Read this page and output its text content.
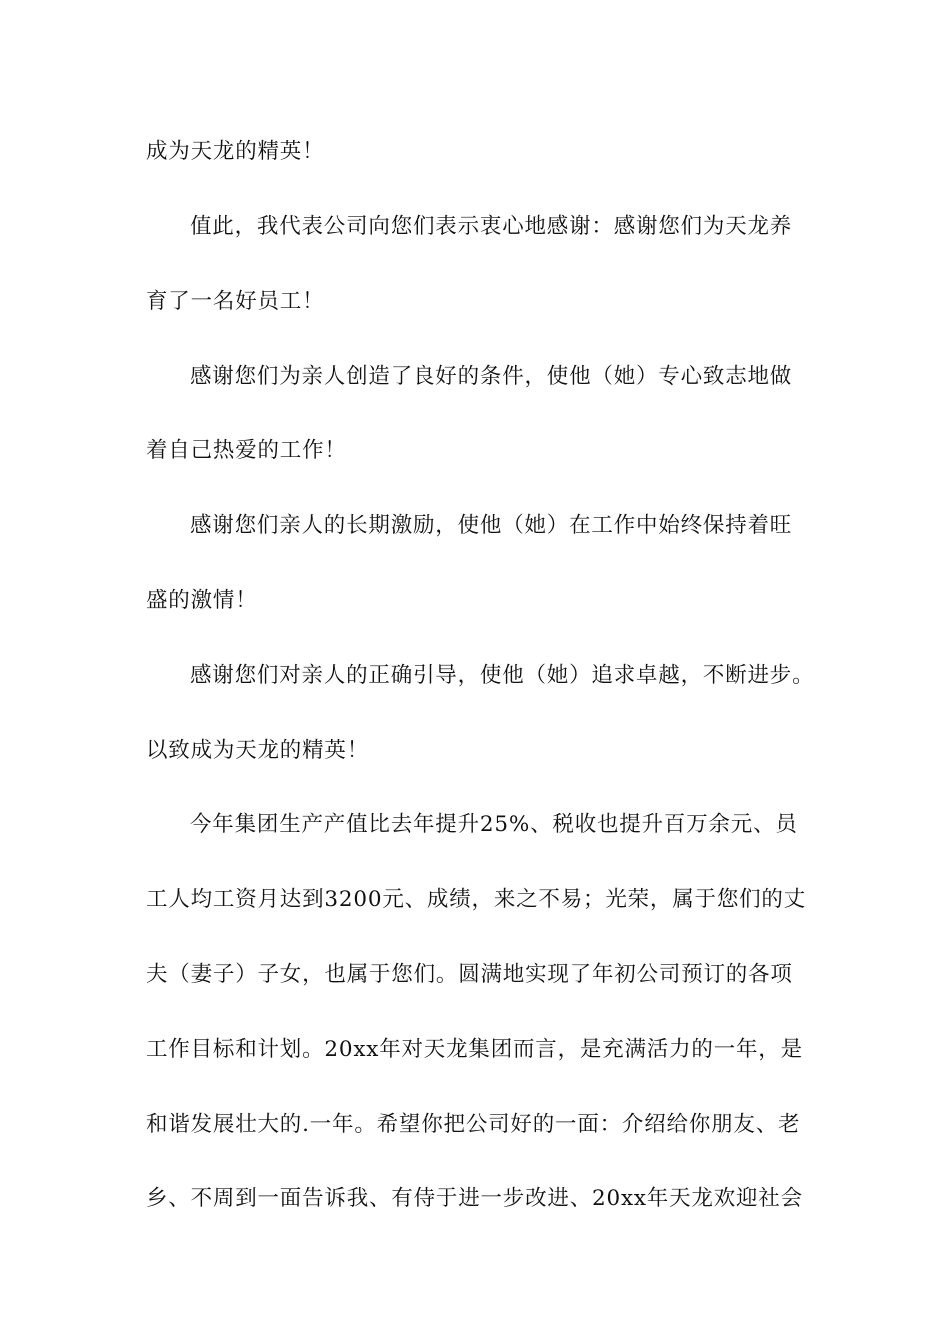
成为天龙的精英！
值此，我代表公司向您们表示衷心地感谢：感谢您们为天龙养
育了一名好员工！
感谢您们为亲人创造了良好的条件，使他（她）专心致志地做
着自己热爱的工作！
感谢您们亲人的长期激励，使他（她）在工作中始终保持着旺
盛的激情！
感谢您们对亲人的正确引导，使他（她）追求卓越，不断进步。
以致成为天龙的精英！
今年集团生产产值比去年提升25%、税收也提升百万余元、员
工人均工资月达到3200元、成绩，来之不易；光荣，属于您们的丈
夫（妻子）子女，也属于您们。圆满地实现了年初公司预订的各项
工作目标和计划。20xx年对天龙集团而言，是充满活力的一年，是
和谐发展壮大的.一年。希望你把公司好的一面：介绍给你朋友、老
乡、不周到一面告诉我、有侍于进一步改进、20xx年天龙欢迎社会
